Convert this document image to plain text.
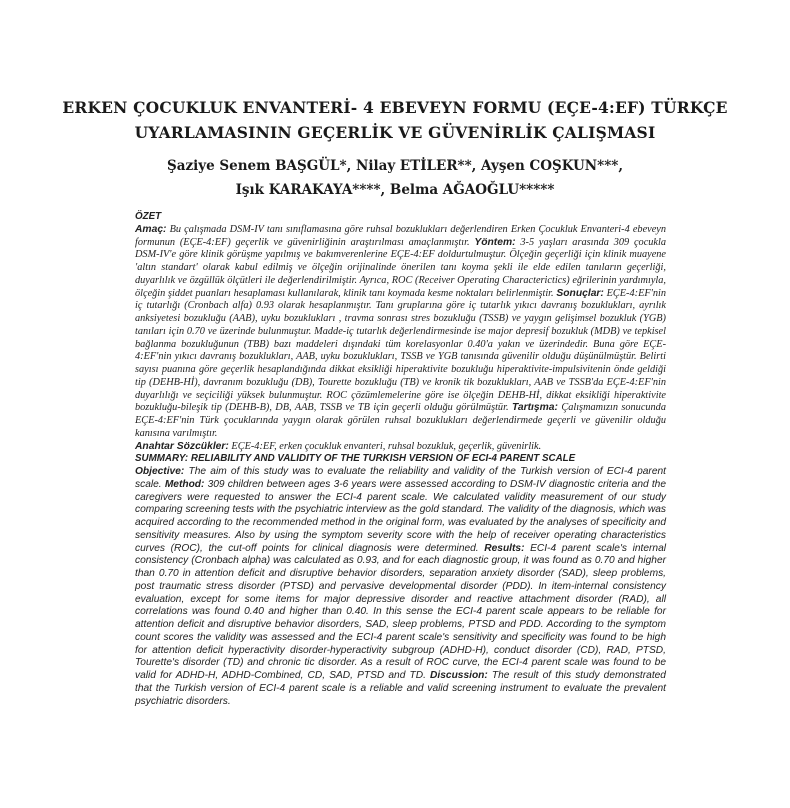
ERKEN ÇOCUKLUK ENVANTERİ- 4 EBEVEYN FORMU (EÇE-4:EF) TÜRKÇE
UYARLAMASININ GEÇERLİK VE GÜVENİRLİK ÇALIŞMASI
Şaziye Senem BAŞGÜL*, Nilay ETİLER**, Ayşen COŞKUN***,
Işık KARAKAYA****, Belma AĞAOĞLU*****

ÖZET

Amaç: Bu çalışmada DSM-IV tanı sınıflamasına göre ruhsal bozuklukları değerlendiren Erken Çocukluk Envanteri-4 ebeveyn formunun (EÇE-4:EF) geçerlik ve güvenirliğinin araştırılması amaçlanmıştır. Yöntem: 3-5 yaşları arasında 309 çocukla DSM-IV'e göre klinik görüşme yapılmış ve bakımverenlerine EÇE-4:EF doldurtulmuştur. Ölçeğin geçerliği için klinik muayene 'altın standart' olarak kabul edilmiş ve ölçeğin orijinalinde önerilen tanı koyma şekli ile elde edilen tanıların geçerliği, duyarlılık ve özgüllük ölçütleri ile değerlendirilmiştir. Ayrıca, ROC (Receiver Operating Characterictics) eğrilerinin yardımıyla, ölçeğin şiddet puanları hesaplaması kullanılarak, klinik tanı koymada kesme noktaları belirlenmiştir. Sonuçlar: EÇE-4:EF'nin iç tutarlığı (Cronbach alfa) 0.93 olarak hesaplanmıştır. Tanı gruplarına göre iç tutarlık yıkıcı davranış bozuklukları, ayrılık anksiyetesi bozukluğu (AAB), uyku bozuklukları , travma sonrası stres bozukluğu (TSSB) ve yaygın gelişimsel bozukluk (YGB) tanıları için 0.70 ve üzerinde bulunmuştur. Madde-iç tutarlık değerlendirmesinde ise major depresif bozukluk (MDB) ve tepkisel bağlanma bozukluğunun (TBB) bazı maddeleri dışındaki tüm korelasyonlar 0.40'a yakın ve üzerindedir. Buna göre EÇE-4:EF'nin yıkıcı davranış bozuklukları, AAB, uyku bozuklukları, TSSB ve YGB tanısında güvenilir olduğu düşünülmüştür. Belirti sayısı puanına göre geçerlik hesaplandığında dikkat eksikliği hiperaktivite bozukluğu hiperaktivite-impulsivitenin önde geldiği tip (DEHB-Hİ), davranım bozukluğu (DB), Tourette bozukluğu (TB) ve kronik tik bozuklukları, AAB ve TSSB'da EÇE-4:EF'nin duyarlılığı ve seçiciliği yüksek bulunmuştur. ROC çözümlemelerine göre ise ölçeğin DEHB-Hİ, dikkat eksikliği hiperaktivite bozukluğu-bileşik tip (DEHB-B), DB, AAB, TSSB ve TB için geçerli olduğu görülmüştür. Tartışma: Çalışmamızın sonucunda EÇE-4:EF'nin Türk çocuklarında yaygın olarak görülen ruhsal bozuklukları değerlendirmede geçerli ve güvenilir olduğu kanısına varılmıştır.

Anahtar Sözcükler: EÇE-4:EF, erken çocukluk envanteri, ruhsal bozukluk, geçerlik, güvenirlik.

SUMMARY: RELIABILITY AND VALIDITY OF THE TURKISH VERSION OF ECI-4 PARENT SCALE

Objective: The aim of this study was to evaluate the reliability and validity of the Turkish version of ECI-4 parent scale. Method: 309 children between ages 3-6 years were assessed according to DSM-IV diagnostic criteria and the caregivers were requested to answer the ECI-4 parent scale. We calculated validity measurement of our study comparing screening tests with the psychiatric interview as the gold standard. The validity of the diagnosis, which was acquired according to the recommended method in the original form, was evaluated by the analyses of specificity and sensitivity measures. Also by using the symptom severity score with the help of receiver operating characteristics curves (ROC), the cut-off points for clinical diagnosis were determined. Results: ECI-4 parent scale's internal consistency (Cronbach alpha) was calculated as 0.93, and for each diagnostic group, it was found as 0.70 and higher than 0.70 in attention deficit and disruptive behavior disorders, separation anxiety disorder (SAD), sleep problems, post traumatic stress disorder (PTSD) and pervasive developmental disorder (PDD). In item-internal consistency evaluation, except for some items for major depressive disorder and reactive attachment disorder (RAD), all correlations was found 0.40 and higher than 0.40. In this sense the ECI-4 parent scale appears to be reliable for attention deficit and disruptive behavior disorders, SAD, sleep problems, PTSD and PDD. According to the symptom count scores the validity was assessed and the ECI-4 parent scale's sensitivity and specificity was found to be high for attention deficit hyperactivity disorder-hyperactivity subgroup (ADHD-H), conduct disorder (CD), RAD, PTSD, Tourette's disorder (TD) and chronic tic disorder. As a result of ROC curve, the ECI-4 parent scale was found to be valid for ADHD-H, ADHD-Combined, CD, SAD, PTSD and TD. Discussion: The result of this study demonstrated that the Turkish version of ECI-4 parent scale is a reliable and valid screening instrument to evaluate the prevalent psychiatric disorders.
